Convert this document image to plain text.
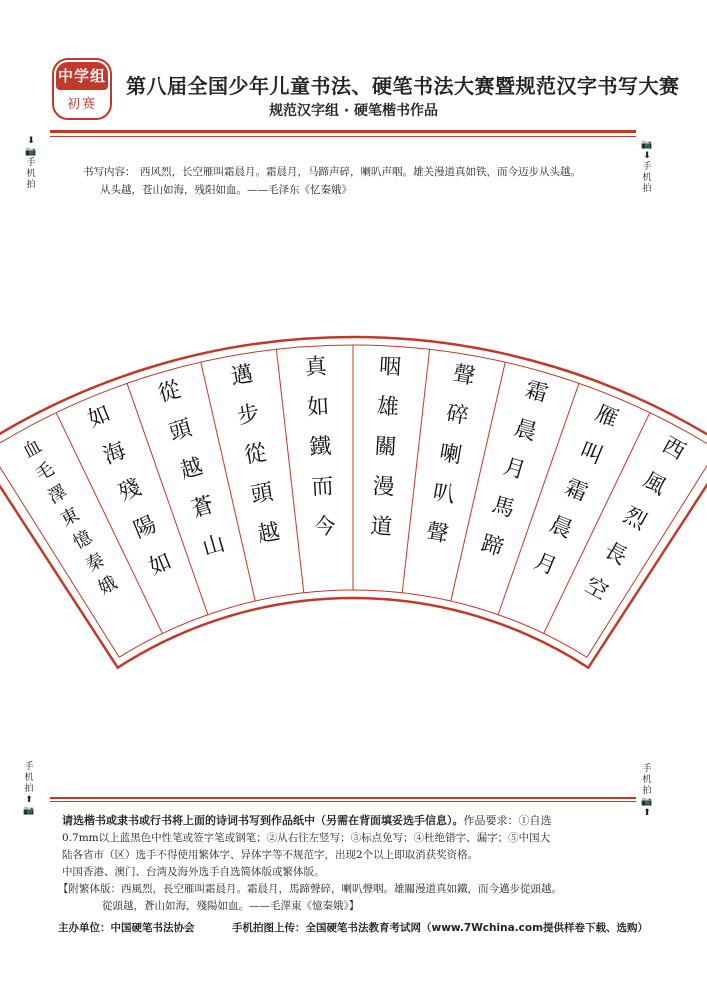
中学组
初赛
第八届全国少年儿童书法、硬笔书法大赛暨规范汉字书写大赛
规范汉字组 · 硬笔楷书作品
⬇📷
手
机
拍
📷⬇
手
机
拍
书写内容： 西风烈，长空雁叫霜晨月。霜晨月，马蹄声碎，喇叭声咽。雄关漫道真如铁，而今迈步从头越。
从头越，苍山如海，残阳如血。——毛泽东《忆秦娥》
西
風
烈
長
空
雁
叫
霜
晨
月
霜
晨
月
馬
蹄
聲
碎
喇
叭
聲
咽
雄
關
漫
道
真
如
鐵
而
今
邁
步
從
頭
越
從
頭
越
蒼
山
如
海
殘
陽
如
血
毛
澤
東
憶
秦
娥
手
机
拍
⬆📷
手
机
拍
📷⬆
请选楷书或隶书或行书将上面的诗词书写到作品纸中（另需在背面填妥选手信息）。作品要求：①自选
0.7mm以上蓝黑色中性笔或签字笔或钢笔；②从右往左竖写；③标点免写；④杜绝错字、漏字；⑤中国大
陆各省市（区）选手不得使用繁体字、异体字等不规范字，出现2个以上即取消获奖资格。
中国香港、澳门、台湾及海外选手自选简体版或繁体版。
【附繁体版：西風烈，長空雁叫霜晨月。霜晨月，馬蹄聲碎，喇叭聲咽。雄關漫道真如鐵，而今邁步從頭越。
從頭越，蒼山如海，殘陽如血。——毛澤東《憶秦娥》】
主办单位：中国硬笔书法协会	手机拍图上传：全国硬笔书法教育考试网（www.7Wchina.com提供样卷下载、选购）
